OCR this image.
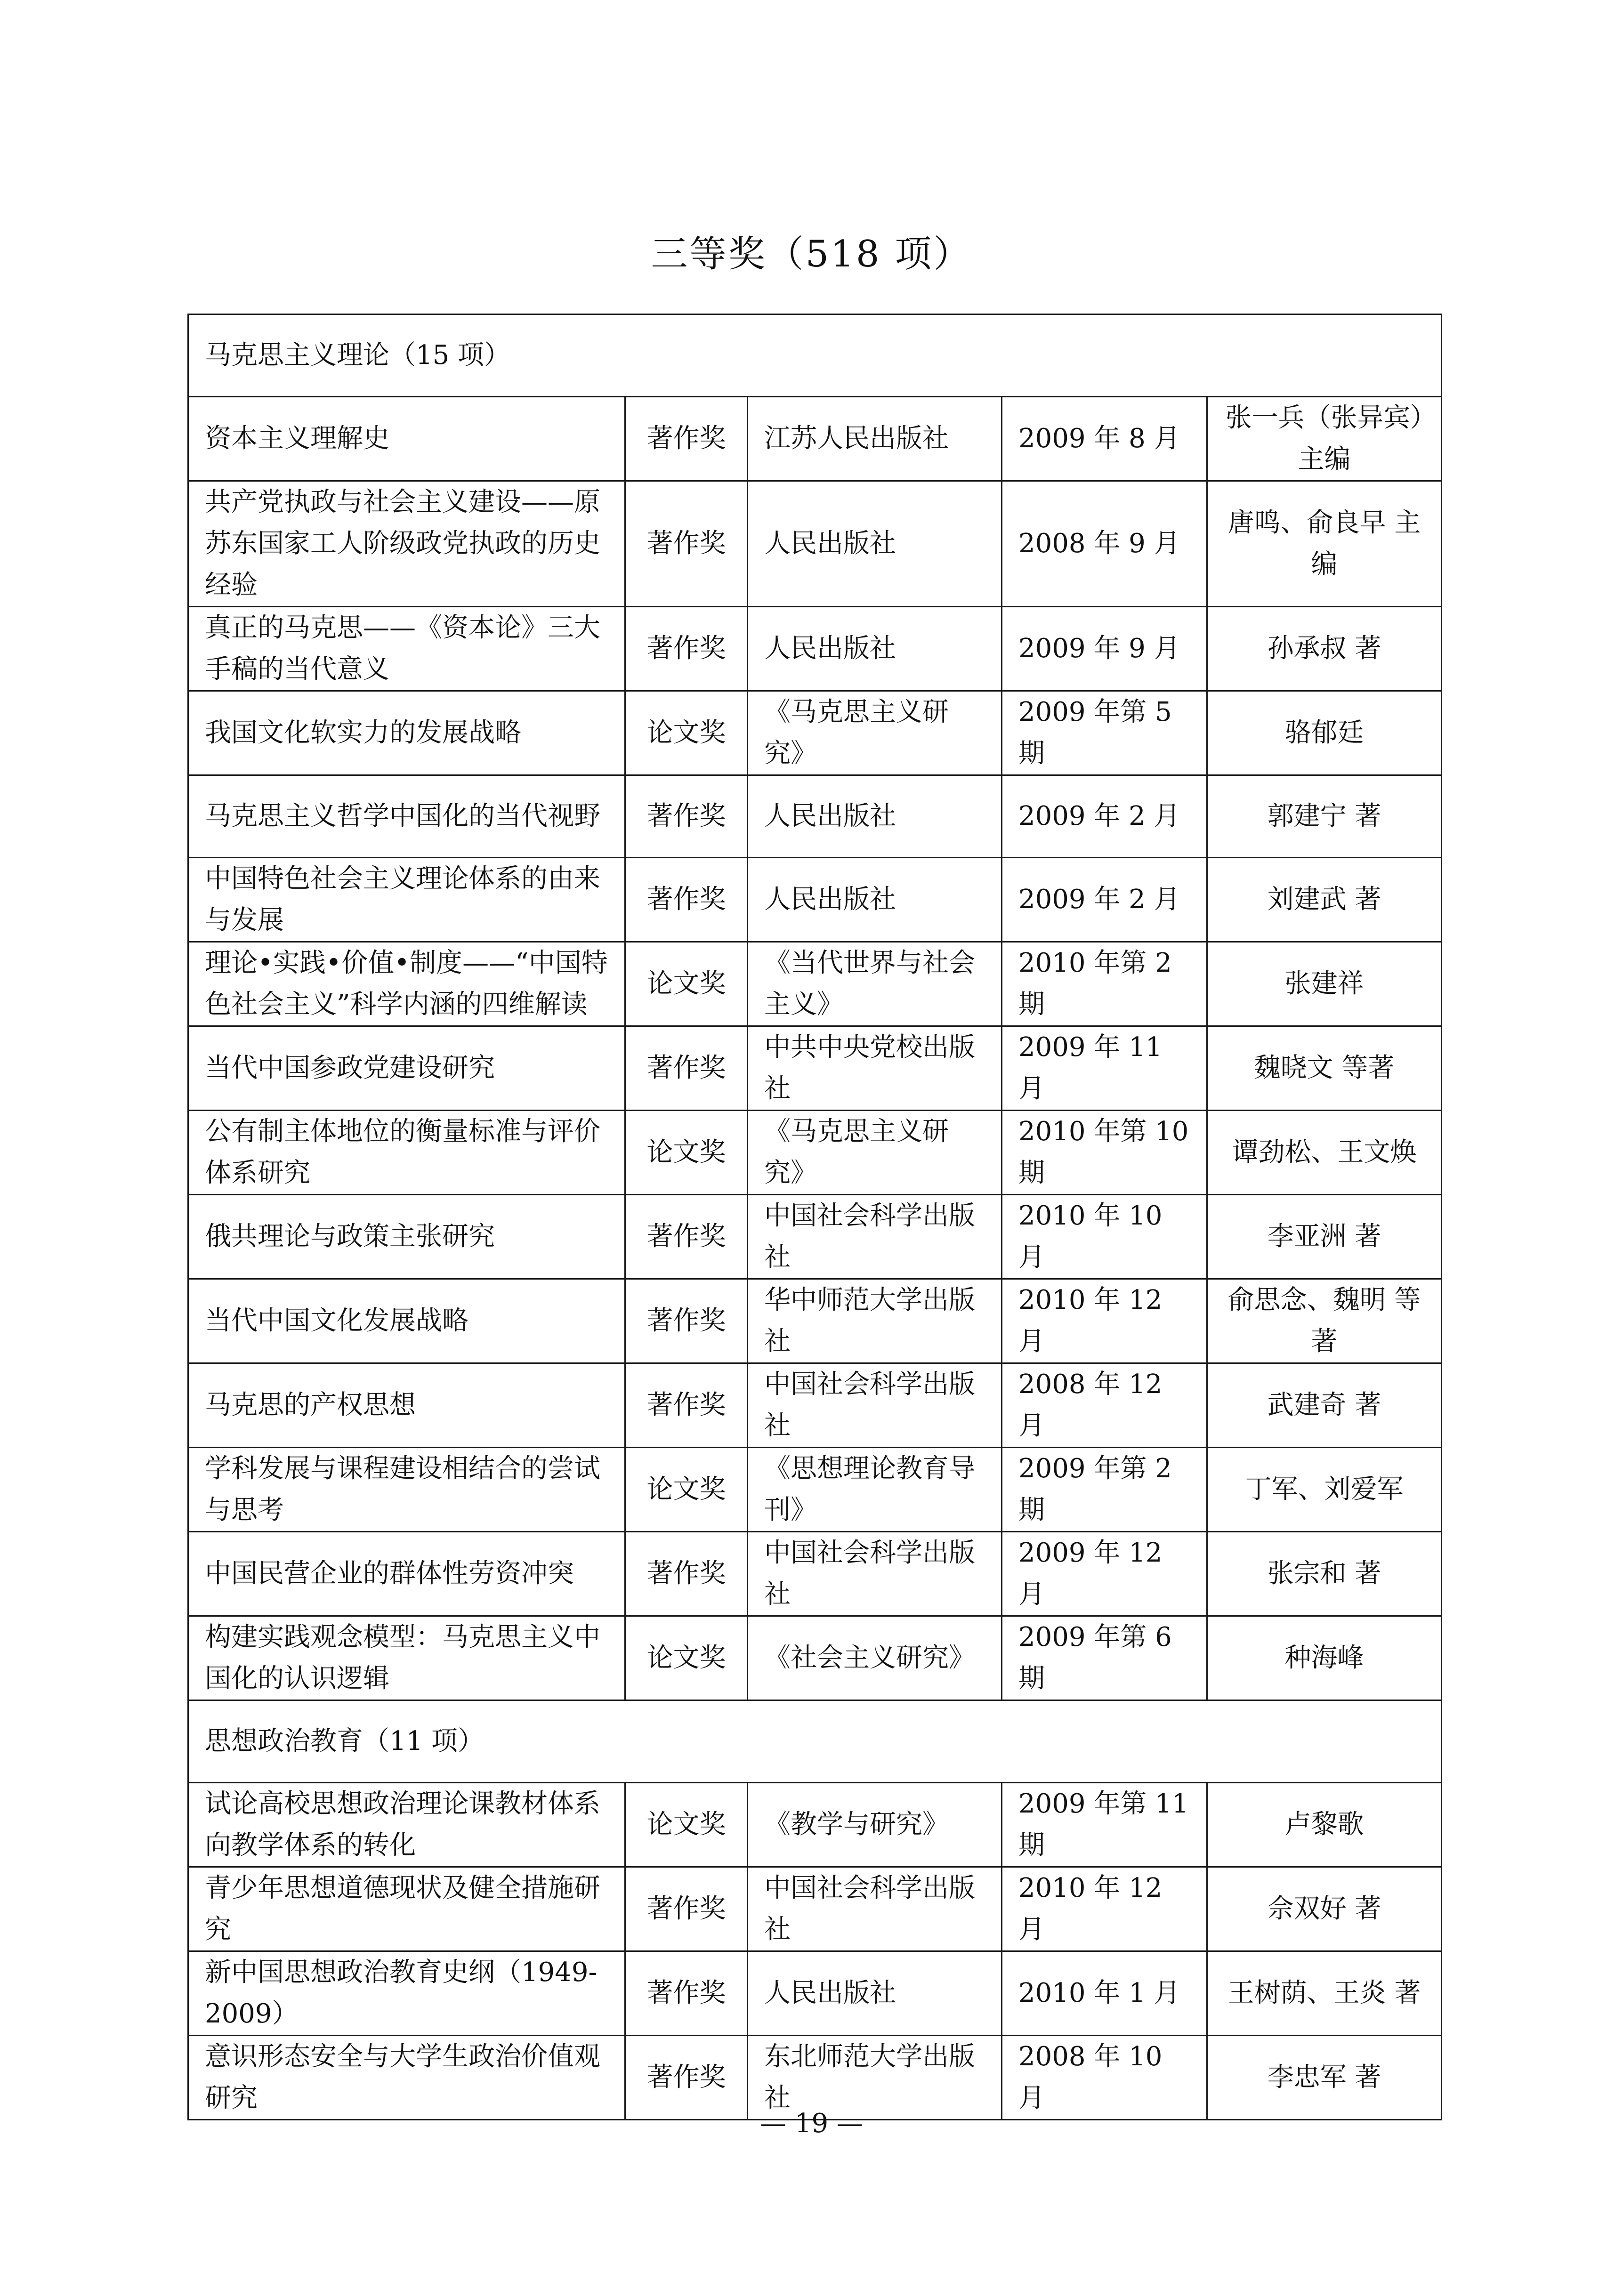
三等奖（518 项）
马克思主义理论（15 项）				
资本主义理解史	著作奖	江苏人民出版社	2009 年 8 月	张一兵（张异宾）主编
共产党执政与社会主义建设——原苏东国家工人阶级政党执政的历史经验	著作奖	人民出版社	2008 年 9 月	唐鸣、俞良早 主编
真正的马克思——《资本论》三大手稿的当代意义	著作奖	人民出版社	2009 年 9 月	孙承叔 著
我国文化软实力的发展战略	论文奖	《马克思主义研究》	2009 年第 5 期	骆郁廷
马克思主义哲学中国化的当代视野	著作奖	人民出版社	2009 年 2 月	郭建宁 著
中国特色社会主义理论体系的由来与发展	著作奖	人民出版社	2009 年 2 月	刘建武 著
理论•实践•价值•制度——“中国特色社会主义”科学内涵的四维解读	论文奖	《当代世界与社会主义》	2010 年第 2 期	张建祥
当代中国参政党建设研究	著作奖	中共中央党校出版社	2009 年 11 月	魏晓文 等著
公有制主体地位的衡量标准与评价体系研究	论文奖	《马克思主义研究》	2010 年第 10 期	谭劲松、王文焕
俄共理论与政策主张研究	著作奖	中国社会科学出版社	2010 年 10 月	李亚洲 著
当代中国文化发展战略	著作奖	华中师范大学出版社	2010 年 12 月	俞思念、魏明 等著
马克思的产权思想	著作奖	中国社会科学出版社	2008 年 12 月	武建奇 著
学科发展与课程建设相结合的尝试与思考	论文奖	《思想理论教育导刊》	2009 年第 2 期	丁军、刘爱军
中国民营企业的群体性劳资冲突	著作奖	中国社会科学出版社	2009 年 12 月	张宗和 著
构建实践观念模型：马克思主义中国化的认识逻辑	论文奖	《社会主义研究》	2009 年第 6 期	种海峰
思想政治教育（11 项）				
试论高校思想政治理论课教材体系向教学体系的转化	论文奖	《教学与研究》	2009 年第 11 期	卢黎歌
青少年思想道德现状及健全措施研究	著作奖	中国社会科学出版社	2010 年 12 月	佘双好 著
新中国思想政治教育史纲（1949-2009）	著作奖	人民出版社	2010 年 1 月	王树荫、王炎 著
意识形态安全与大学生政治价值观研究	著作奖	东北师范大学出版社	2008 年 10 月	李忠军 著
— 19 —
